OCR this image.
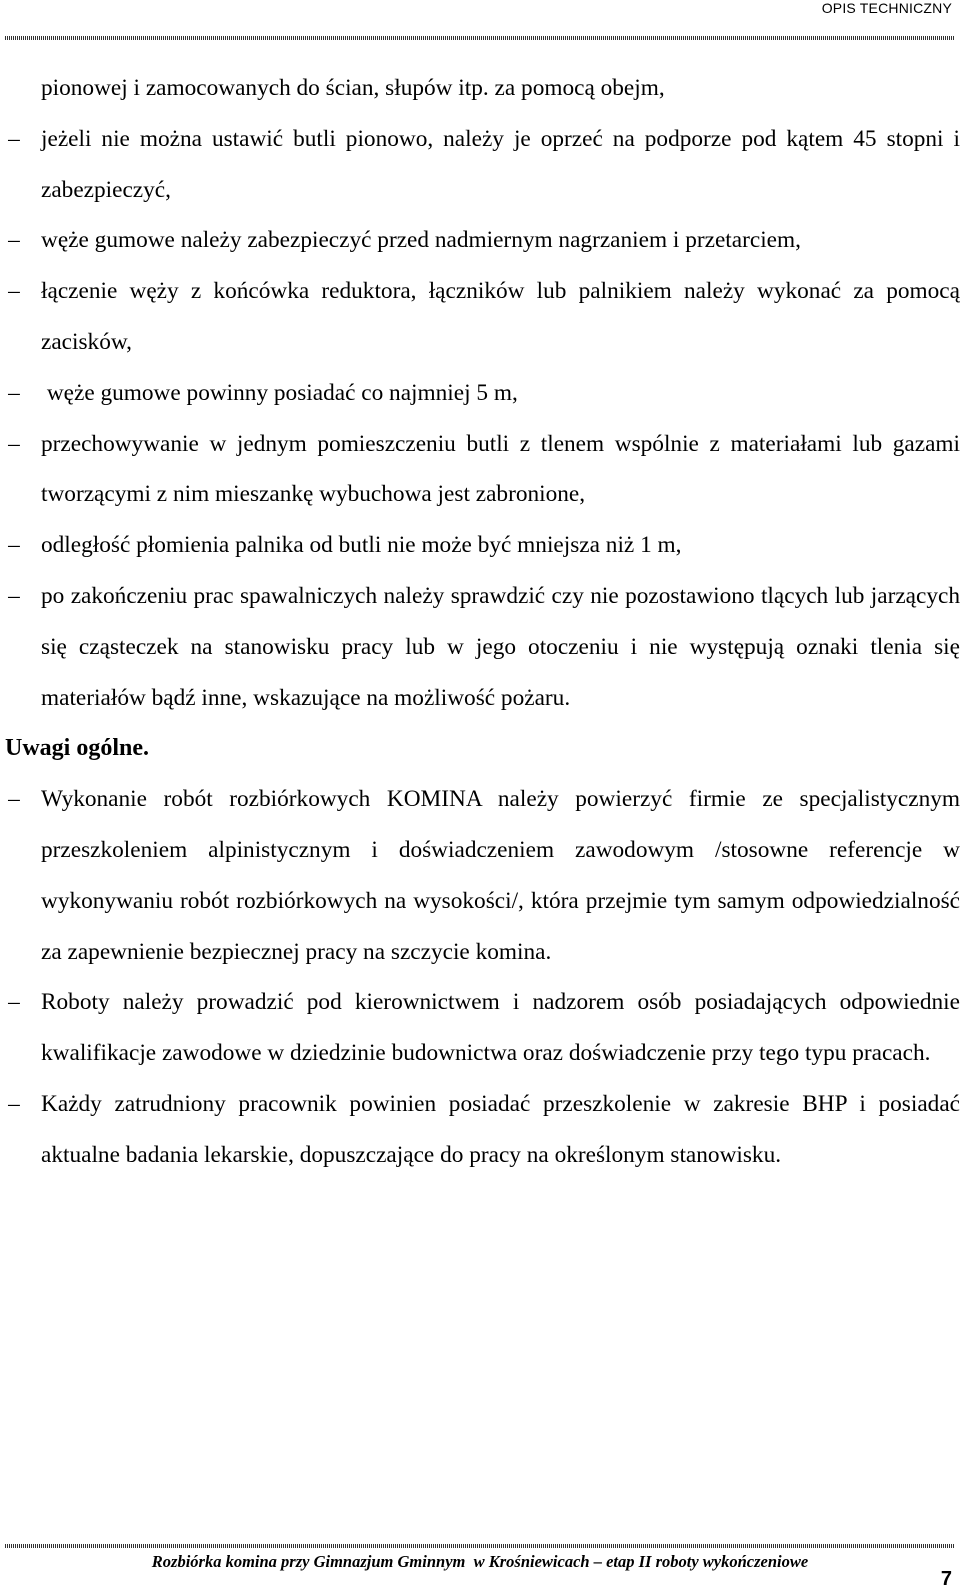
OPIS TECHNICZNY

pionowej i zamocowanych do ścian, słupów itp. za pomocą obejm,

– jeżeli nie można ustawić butli pionowo, należy je oprzeć na podporze pod kątem 45 stopni i zabezpieczyć,
– węże gumowe należy zabezpieczyć przed nadmiernym nagrzaniem i przetarciem,
– łączenie węży z końcówka reduktora, łączników lub palnikiem należy wykonać za pomocą zacisków,
– węże gumowe powinny posiadać co najmniej 5 m,
– przechowywanie w jednym pomieszczeniu butli z tlenem wspólnie z materiałami lub gazami tworzącymi z nim mieszankę wybuchowa jest zabronione,
– odległość płomienia palnika od butli nie może być mniejsza niż 1 m,
– po zakończeniu prac spawalniczych należy sprawdzić czy nie pozostawiono tlących lub jarzących się cząsteczek na stanowisku pracy lub w jego otoczeniu i nie występują oznaki tlenia się materiałów bądź inne, wskazujące na możliwość pożaru.

Uwagi ogólne.

– Wykonanie robót rozbiórkowych KOMINA należy powierzyć firmie ze specjalistycznym przeszkoleniem alpinistycznym i doświadczeniem zawodowym /stosowne referencje w wykonywaniu robót rozbiórkowych na wysokości/, która przejmie tym samym odpowiedzialność za zapewnienie bezpiecznej pracy na szczycie komina.
– Roboty należy prowadzić pod kierownictwem i nadzorem osób posiadających odpowiednie kwalifikacje zawodowe w dziedzinie budownictwa oraz doświadczenie przy tego typu pracach.
– Każdy zatrudniony pracownik powinien posiadać przeszkolenie w zakresie BHP i posiadać aktualne badania lekarskie, dopuszczające do pracy na określonym stanowisku.
Rozbiórka komina przy Gimnazjum Gminnym  w Krośniewicach – etap II roboty wykończeniowe
7
